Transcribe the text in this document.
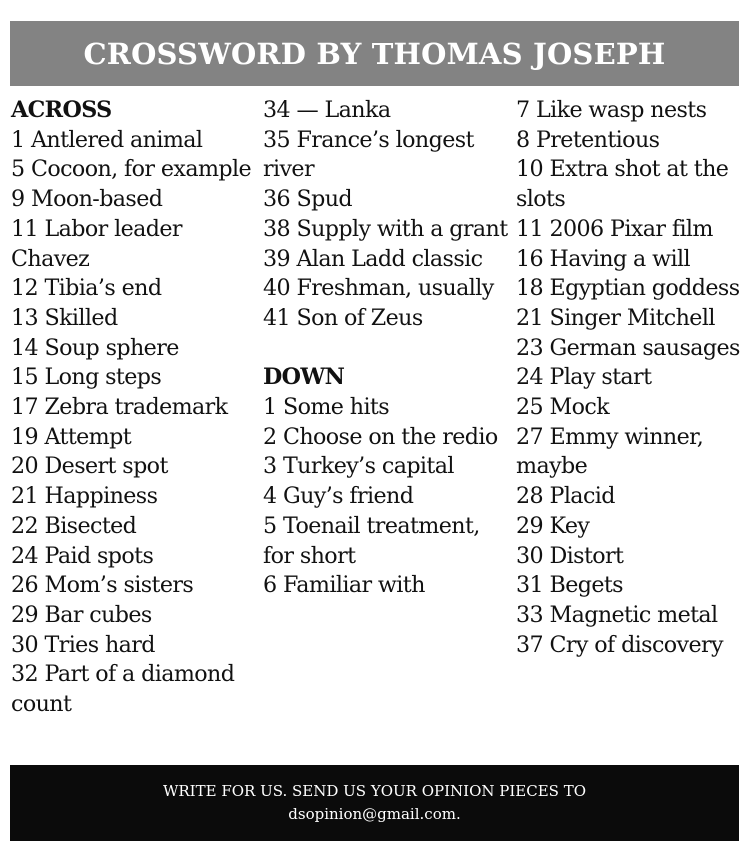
CROSSWORD BY THOMAS JOSEPH
ACROSS
1 Antlered animal
5 Cocoon, for example
9 Moon-based
11 Labor leader Chavez
12 Tibia’s end
13 Skilled
14 Soup sphere
15 Long steps
17 Zebra trademark
19 Attempt
20 Desert spot
21 Happiness
22 Bisected
24 Paid spots
26 Mom’s sisters
29 Bar cubes
30 Tries hard
32 Part of a diamond count
34 — Lanka
35 France’s longest river
36 Spud
38 Supply with a grant
39 Alan Ladd classic
40 Freshman, usually
41 Son of Zeus
DOWN
1 Some hits
2 Choose on the redio
3 Turkey’s capital
4 Guy’s friend
5 Toenail treatment, for short
6 Familiar with
7 Like wasp nests
8 Pretentious
10 Extra shot at the slots
11 2006 Pixar film
16 Having a will
18 Egyptian goddess
21 Singer Mitchell
23 German sausages
24 Play start
25 Mock
27 Emmy winner, maybe
28 Placid
29 Key
30 Distort
31 Begets
33 Magnetic metal
37 Cry of discovery
WRITE FOR US. SEND US YOUR OPINION PIECES TO
dsopinion@gmail.com.
